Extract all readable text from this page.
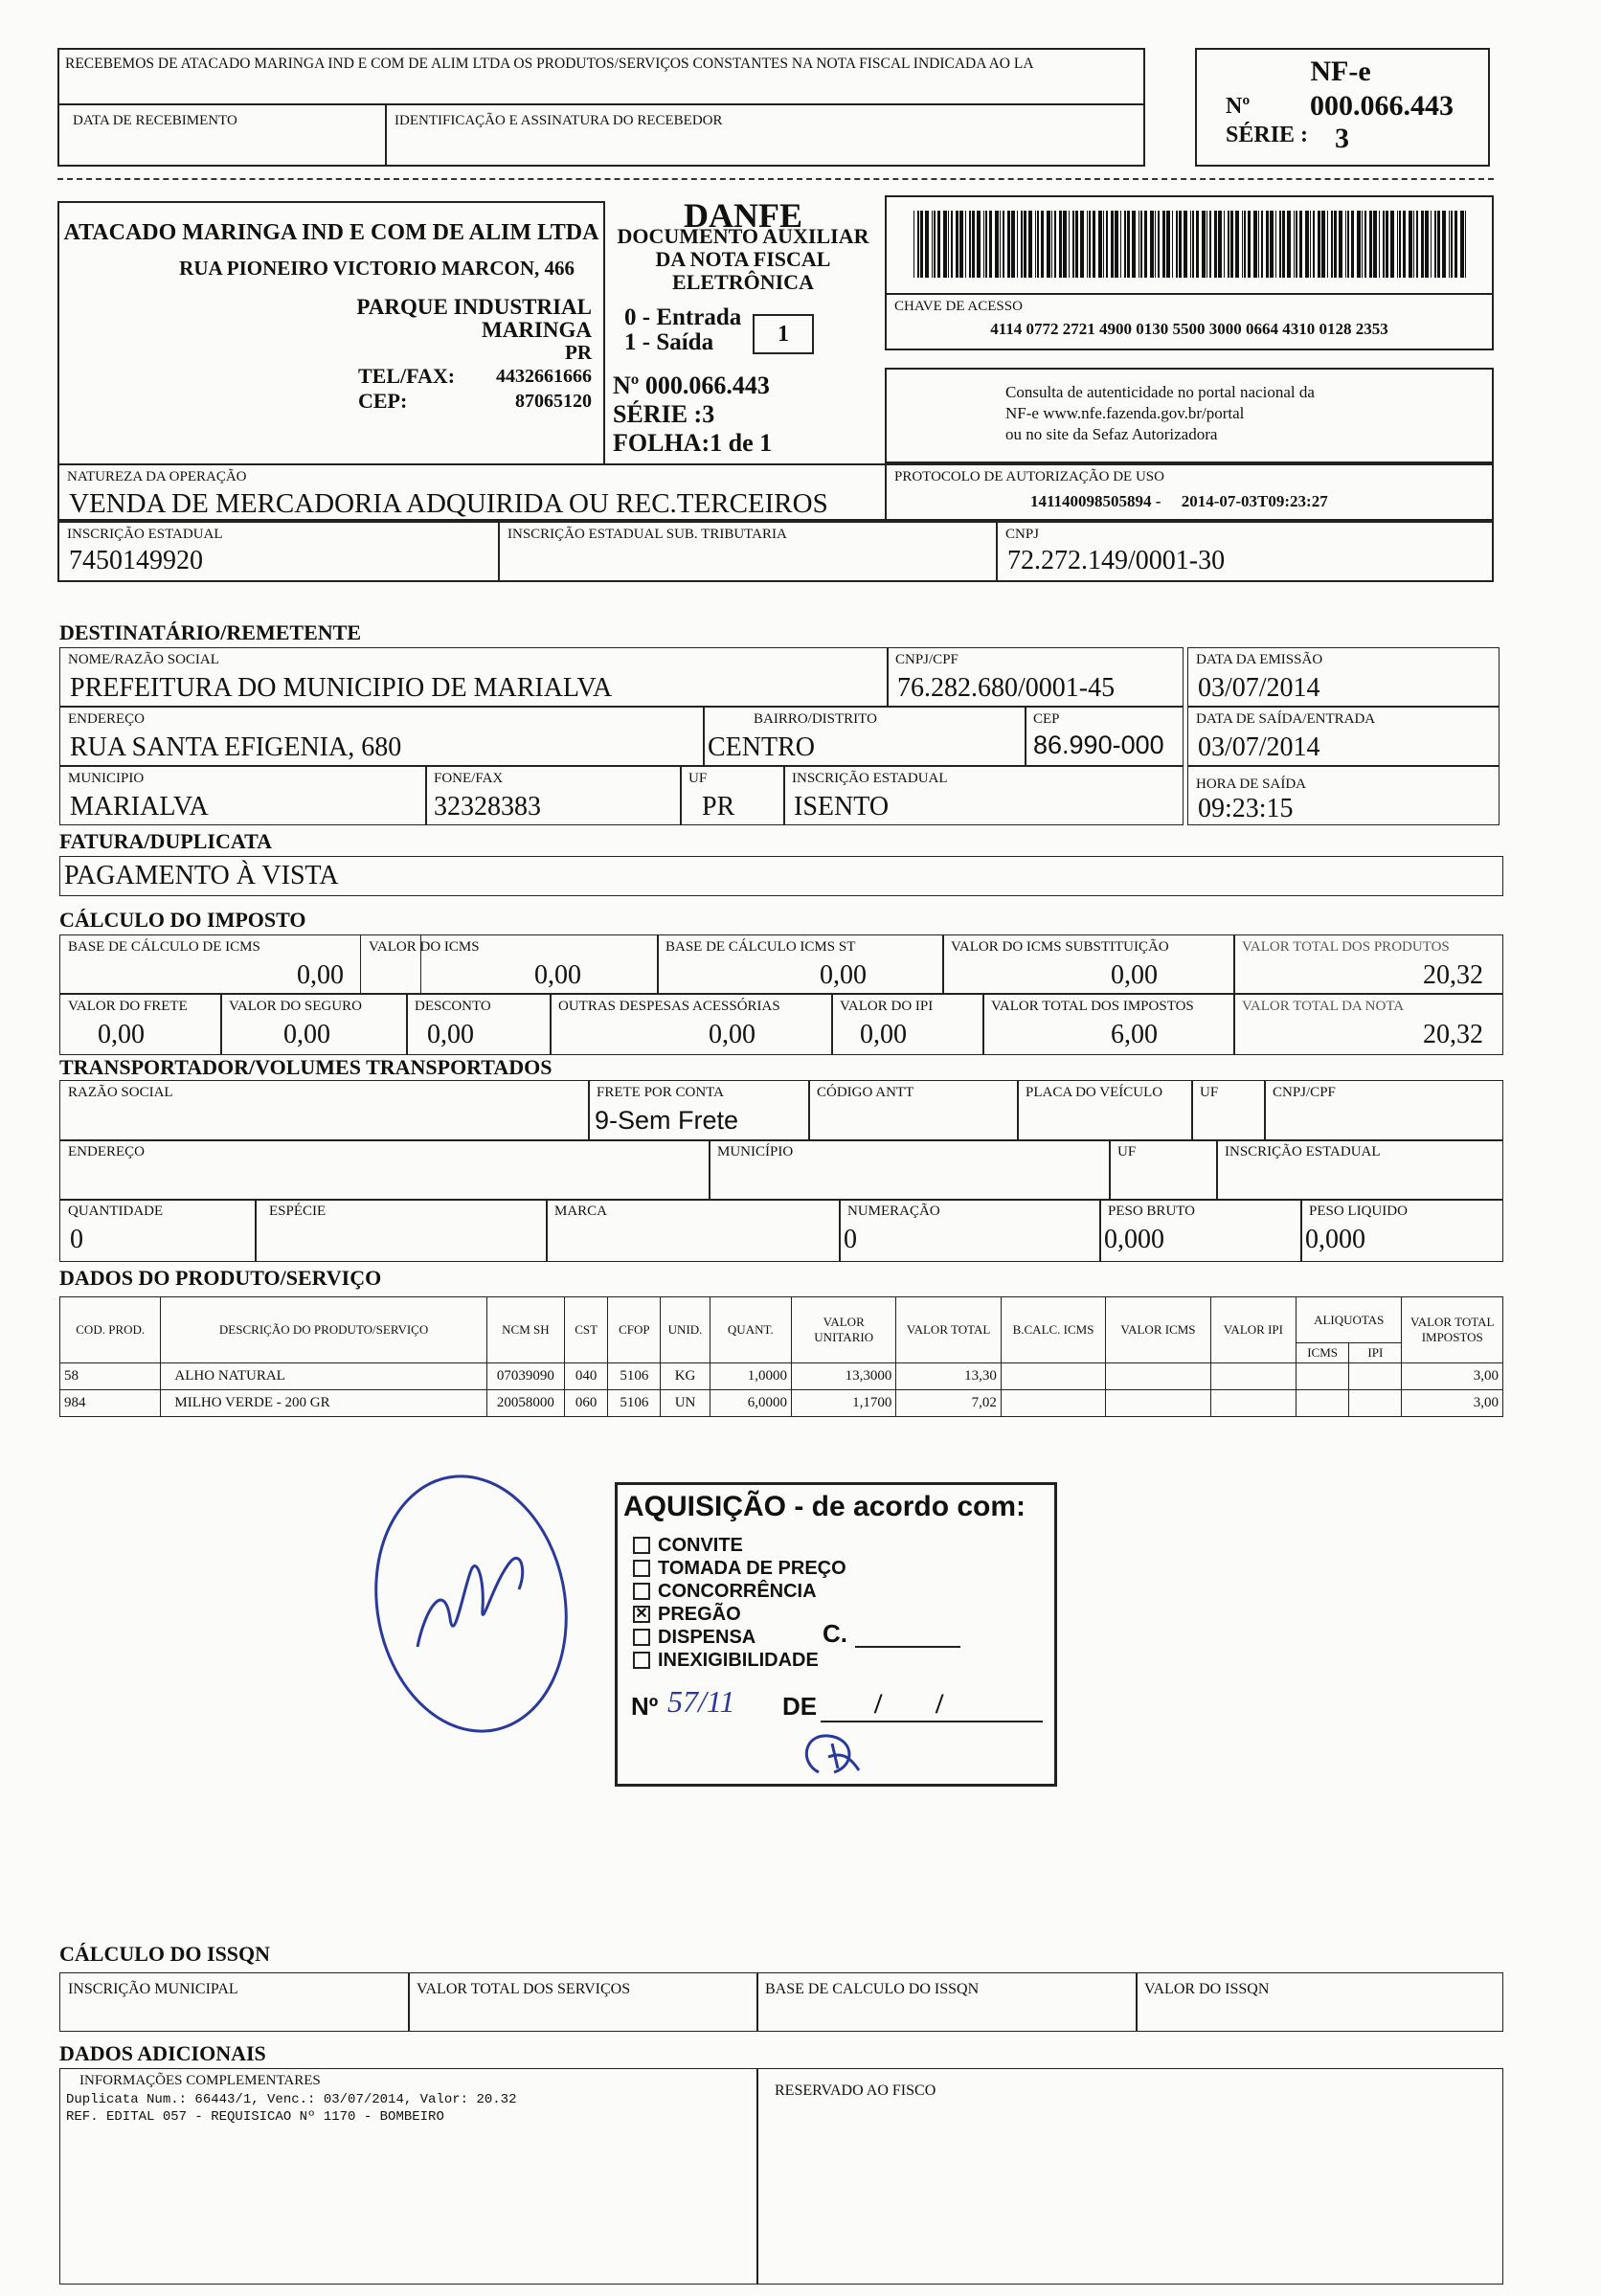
RECEBEMOS DE ATACADO MARINGA IND E COM DE ALIM LTDA OS PRODUTOS/SERVIÇOS CONSTANTES NA NOTA FISCAL INDICADA AO LA
DATA DE RECEBIMENTO	IDENTIFICAÇÃO E ASSINATURA DO RECEBEDOR
NF-e
Nº 000.066.443
SÉRIE : 3
ATACADO MARINGA IND E COM DE ALIM LTDA
RUA PIONEIRO VICTORIO MARCON, 466
PARQUE INDUSTRIAL
MARINGA
PR
TEL/FAX: 4432661666
CEP:	87065120
DANFE
DOCUMENTO AUXILIAR
DA NOTA FISCAL
ELETRÔNICA
0 - Entrada
1 - Saída	1
Nº 000.066.443
SÉRIE :3
FOLHA:1 de 1
CHAVE DE ACESSO
4114 0772 2721 4900 0130 5500 3000 0664 4310 0128 2353
Consulta de autenticidade no portal nacional da
NF-e www.nfe.fazenda.gov.br/portal
ou no site da Sefaz Autorizadora
NATUREZA DA OPERAÇÃO
VENDA DE MERCADORIA ADQUIRIDA OU REC.TERCEIROS
PROTOCOLO DE AUTORIZAÇÃO DE USO
141140098505894 -     2014-07-03T09:23:27
INSCRIÇÃO ESTADUAL
7450149920
INSCRIÇÃO ESTADUAL SUB. TRIBUTARIA	CNPJ
72.272.149/0001-30
DESTINATÁRIO/REMETENTE
NOME/RAZÃO SOCIAL
PREFEITURA DO MUNICIPIO DE MARIALVA
CNPJ/CPF
76.282.680/0001-45
DATA DA EMISSÃO
03/07/2014
ENDEREÇO
RUA SANTA EFIGENIA, 680
BAIRRO/DISTRITO
CENTRO
CEP
86.990-000
DATA DE SAÍDA/ENTRADA
03/07/2014
MUNICIPIO
MARIALVA
FONE/FAX
32328383
UF
PR
INSCRIÇÃO ESTADUAL
ISENTO
HORA DE SAÍDA
09:23:15
FATURA/DUPLICATA
PAGAMENTO À VISTA
CÁLCULO DO IMPOSTO
BASE DE CÁLCULO DE ICMS
0,00
VALOR DO ICMS
0,00
BASE DE CÁLCULO ICMS ST
0,00
VALOR DO ICMS SUBSTITUIÇÃO
0,00
VALOR TOTAL DOS PRODUTOS
20,32
VALOR DO FRETE
0,00
VALOR DO SEGURO
0,00
DESCONTO
0,00
OUTRAS DESPESAS ACESSÓRIAS
0,00
VALOR DO IPI
0,00
VALOR TOTAL DOS IMPOSTOS
6,00
VALOR TOTAL DA NOTA
20,32
TRANSPORTADOR/VOLUMES TRANSPORTADOS
RAZÃO SOCIAL	FRETE POR CONTA
9-Sem Frete
CÓDIGO ANTT	PLACA DO VEÍCULO	UF	CNPJ/CPF
ENDEREÇO	MUNICÍPIO	UF	INSCRIÇÃO ESTADUAL
QUANTIDADE
0
ESPÉCIE	MARCA	NUMERAÇÃO
0
PESO BRUTO
0,000
PESO LIQUIDO
0,000
DADOS DO PRODUTO/SERVIÇO
COD. PROD.	DESCRIÇÃO DO PRODUTO/SERVIÇO	NCM SH	CST	CFOP	UNID.	QUANT.	VALOR UNITARIO	VALOR TOTAL	B.CALC. ICMS	VALOR ICMS	VALOR IPI	ALIQUOTAS		VALOR TOTAL IMPOSTOS
												ICMS	IPI	
58	ALHO NATURAL	07039090	040	5106	KG	1,0000	13,3000	13,30						3,00
984	MILHO VERDE - 200 GR	20058000	060	5106	UN	6,0000	1,1700	7,02						3,00
AQUISIÇÃO - de acordo com:
C.
Nº 57/11 DE / /
CONVITE
TOMADA DE PREÇO
CONCORRÊNCIA
✕ PREGÃO
DISPENSA
INEXIGIBILIDADE
CÁLCULO DO ISSQN
INSCRIÇÃO MUNICIPAL	VALOR TOTAL DOS SERVIÇOS	BASE DE CALCULO DO ISSQN	VALOR DO ISSQN
DADOS ADICIONAIS
INFORMAÇÕES COMPLEMENTARES
Duplicata Num.: 66443/1, Venc.: 03/07/2014, Valor: 20.32
REF. EDITAL 057 - REQUISICAO Nº 1170 - BOMBEIRO
RESERVADO AO FISCO
